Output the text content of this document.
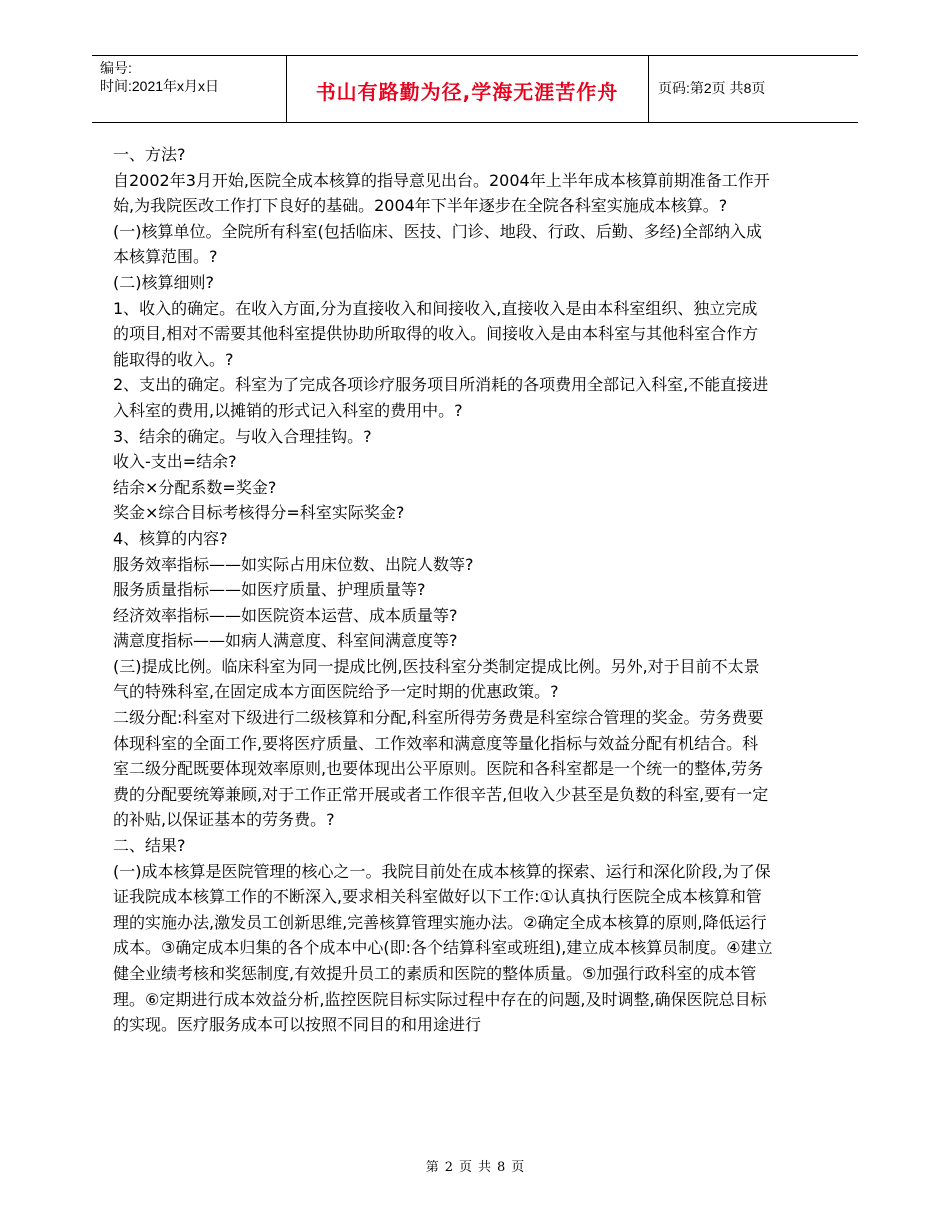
编号:
时间:2021年x月x日	书山有路勤为径,学海无涯苦作舟	页码:第2页 共8页

一、方法?

自2002年3月开始,医院全成本核算的指导意见出台。2004年上半年成本核算前期准备工作开始,为我院医改工作打下良好的基础。2004年下半年逐步在全院各科室实施成本核算。?

(一)核算单位。全院所有科室(包括临床、医技、门诊、地段、行政、后勤、多经)全部纳入成本核算范围。?

(二)核算细则?

1、收入的确定。在收入方面,分为直接收入和间接收入,直接收入是由本科室组织、独立完成的项目,相对不需要其他科室提供协助所取得的收入。间接收入是由本科室与其他科室合作方能取得的收入。?

2、支出的确定。科室为了完成各项诊疗服务项目所消耗的各项费用全部记入科室,不能直接进入科室的费用,以摊销的形式记入科室的费用中。?

3、结余的确定。与收入合理挂钩。?

收入-支出=结余?

结余×分配系数=奖金?

奖金×综合目标考核得分=科室实际奖金?

4、核算的内容?

服务效率指标——如实际占用床位数、出院人数等?

服务质量指标——如医疗质量、护理质量等?

经济效率指标——如医院资本运营、成本质量等?

满意度指标——如病人满意度、科室间满意度等?

(三)提成比例。临床科室为同一提成比例,医技科室分类制定提成比例。另外,对于目前不太景气的特殊科室,在固定成本方面医院给予一定时期的优惠政策。?

二级分配:科室对下级进行二级核算和分配,科室所得劳务费是科室综合管理的奖金。劳务费要体现科室的全面工作,要将医疗质量、工作效率和满意度等量化指标与效益分配有机结合。科室二级分配既要体现效率原则,也要体现出公平原则。医院和各科室都是一个统一的整体,劳务费的分配要统筹兼顾,对于工作正常开展或者工作很辛苦,但收入少甚至是负数的科室,要有一定的补贴,以保证基本的劳务费。?

二、结果?

(一)成本核算是医院管理的核心之一。我院目前处在成本核算的探索、运行和深化阶段,为了保证我院成本核算工作的不断深入,要求相关科室做好以下工作:①认真执行医院全成本核算和管理的实施办法,激发员工创新思维,完善核算管理实施办法。②确定全成本核算的原则,降低运行成本。③确定成本归集的各个成本中心(即:各个结算科室或班组),建立成本核算员制度。④建立健全业绩考核和奖惩制度,有效提升员工的素质和医院的整体质量。⑤加强行政科室的成本管理。⑥定期进行成本效益分析,监控医院目标实际过程中存在的问题,及时调整,确保医院总目标的实现。医疗服务成本可以按照不同目的和用途进行

第 2 页 共 8 页
